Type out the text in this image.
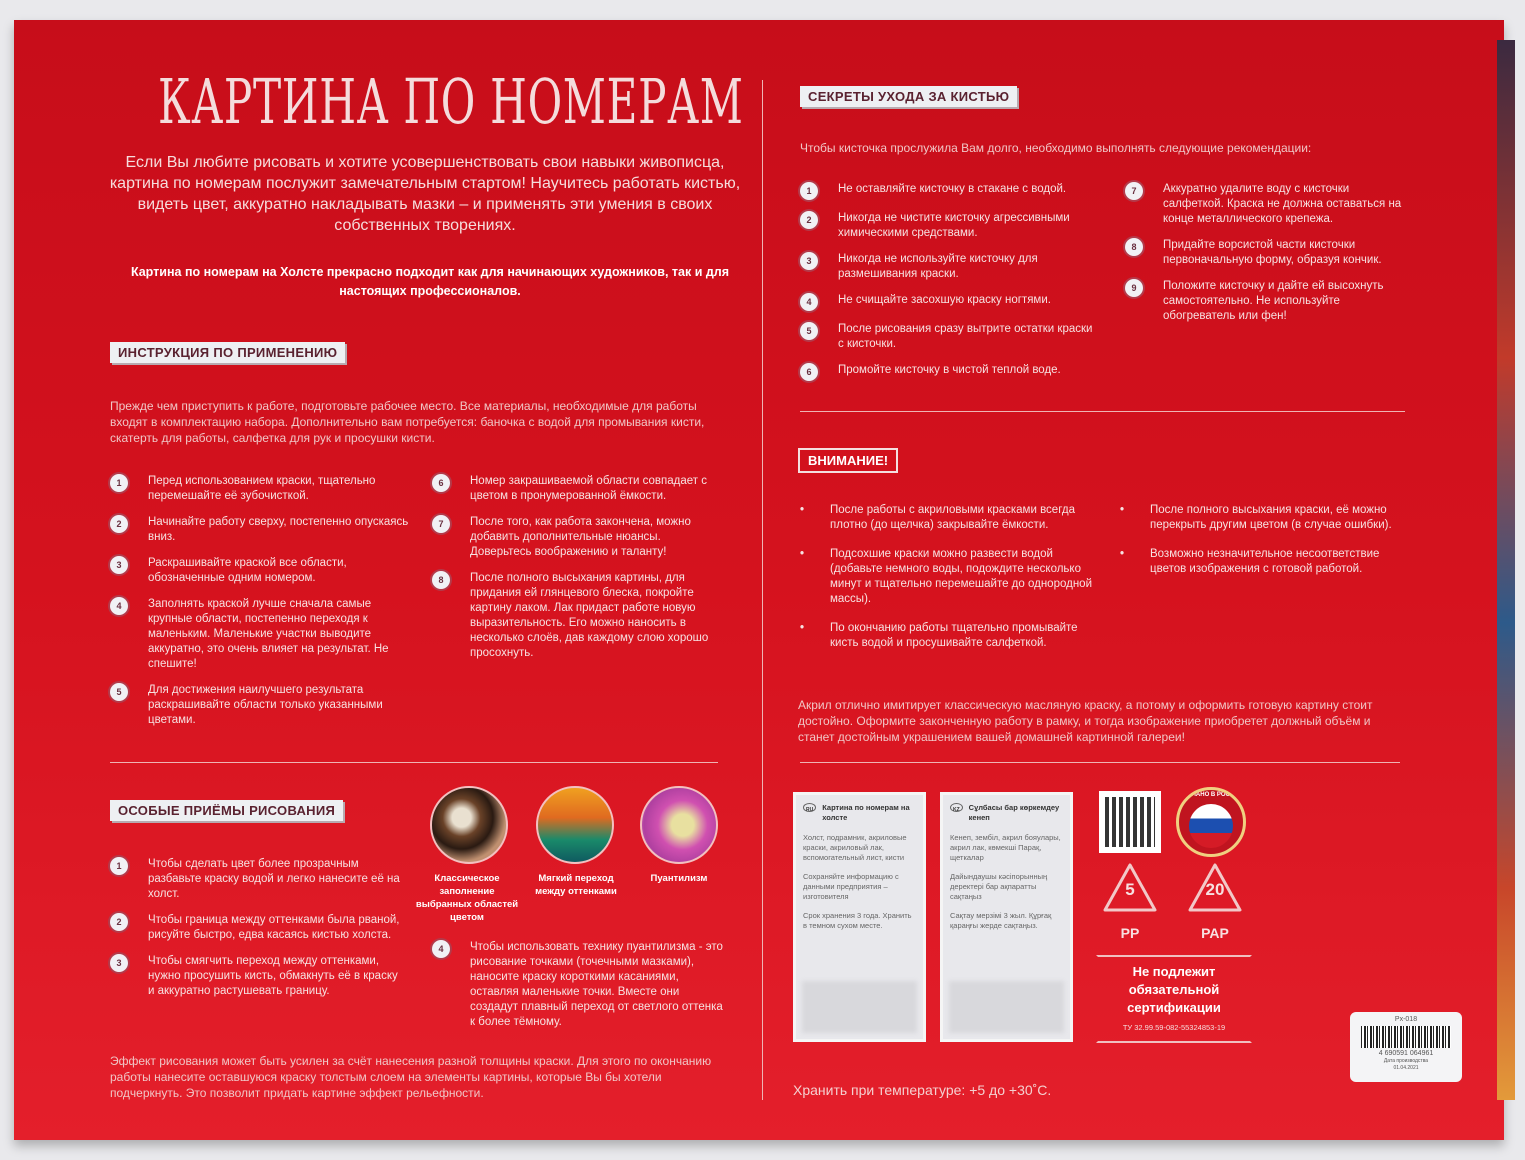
КАРТИНА ПО НОМЕРАМ
Если Вы любите рисовать и хотите усовершенствовать свои навыки живописца, картина по номерам послужит замечательным стартом! Научитесь работать кистью, видеть цвет, аккуратно накладывать мазки – и применять эти умения в своих собственных творениях.
Картина по номерам на Холсте прекрасно подходит как для начинающих художников, так и для настоящих профессионалов.
ИНСТРУКЦИЯ ПО ПРИМЕНЕНИЮ
Прежде чем приступить к работе, подготовьте рабочее место. Все материалы, необходимые для работы входят в комплектацию набора. Дополнительно вам потребуется: баночка с водой для промывания кисти, скатерть для работы, салфетка для рук и просушки кисти.
1	Перед использованием краски, тщательно перемешайте её зубочисткой.
2	Начинайте работу сверху, постепенно опускаясь вниз.
3	Раскрашивайте краской все области, обозначенные одним номером.
4	Заполнять краской лучше сначала самые крупные области, постепенно переходя к маленьким. Маленькие участки выводите аккуратно, это очень влияет на результат. Не спешите!
5	Для достижения наилучшего результата раскрашивайте области только указанными цветами.
6	Номер закрашиваемой области совпадает с цветом в пронумерованной ёмкости.
7	После того, как работа закончена, можно добавить дополнительные нюансы. Доверьтесь воображению и таланту!
8	После полного высыхания картины, для придания ей глянцевого блеска, покройте картину лаком. Лак придаст работе новую выразительность. Его можно наносить в несколько слоёв, дав каждому слою хорошо просохнуть.
ОСОБЫЕ ПРИЁМЫ РИСОВАНИЯ
Классическое заполнение выбранных областей цветом
Мягкий переход между оттенками
Пуантилизм
1	Чтобы сделать цвет более прозрачным разбавьте краску водой и легко нанесите её на холст.
2	Чтобы граница между оттенками была рваной, рисуйте быстро, едва касаясь кистью холста.
3	Чтобы смягчить переход между оттенками, нужно просушить кисть, обмакнуть её в краску и аккуратно растушевать границу.
4	Чтобы использовать технику пуантилизма - это рисование точками (точечными мазками), наносите краску короткими касаниями, оставляя маленькие точки. Вместе они создадут плавный переход от светлого оттенка к более тёмному.
Эффект рисования может быть усилен за счёт нанесения разной толщины краски. Для этого по окончанию работы нанесите оставшуюся краску толстым слоем на элементы картины, которые Вы бы хотели подчеркнуть. Это позволит придать картине эффект рельефности.
СЕКРЕТЫ УХОДА ЗА КИСТЬЮ
Чтобы кисточка прослужила Вам долго, необходимо выполнять следующие рекомендации:
1	Не оставляйте кисточку в стакане с водой.
2	Никогда не чистите кисточку агрессивными химическими средствами.
3	Никогда не используйте кисточку для размешивания краски.
4	Не счищайте засохшую краску ногтями.
5	После рисования сразу вытрите остатки краски с кисточки.
6	Промойте кисточку в чистой теплой воде.
7	Аккуратно удалите воду с кисточки салфеткой. Краска не должна оставаться на конце металлического крепежа.
8	Придайте ворсистой части кисточки первоначальную форму, образуя кончик.
9	Положите кисточку и дайте ей высохнуть самостоятельно. Не используйте обогреватель или фен!
ВНИМАНИЕ!
•	После работы с акриловыми красками всегда плотно (до щелчка) закрывайте ёмкости.
•	Подсохшие краски можно развести водой (добавьте немного воды, подождите несколько минут и тщательно перемешайте до однородной массы).
•	По окончанию работы тщательно промывайте кисть водой и просушивайте салфеткой.
•	После полного высыхания краски, её можно перекрыть другим цветом (в случае ошибки).
•	Возможно незначительное несоответствие цветов изображения с готовой работой.
Акрил отлично имитирует классическую масляную краску, а потому и оформить готовую картину стоит достойно. Оформите законченную работу в рамку, и тогда изображение приобретет должный объём и станет достойным украшением вашей домашней картинной галереи!
RU	Картина по номерам на холсте

Холст, подрамник, акриловые краски, акриловый лак, вспомогательный лист, кисти

Сохраняйте информацию с данными предприятия – изготовителя

Срок хранения 3 года. Хранить в темном сухом месте.

KZ	Сұлбасы бар көркемдеу кенеп

Кенеп, зембіл, акрил бояулары, акрил лак, көмекші Парақ, щеткалар

Дайындаушы кәсіпорынның деректері бар ақпаратты сақтаңыз

Сақтау мерзімі 3 жыл. Құрғақ қараңғы жерде сақтаңыз.

СДЕЛАНО В РОССИИ
5
PP
20
PAP
Не подлежит обязательной сертификации
ТУ 32.99.59-082-55324853-19
Рх-018
4 690591 064961
Дата производства
01.04.2021
Хранить при температуре: +5 до +30˚С.
